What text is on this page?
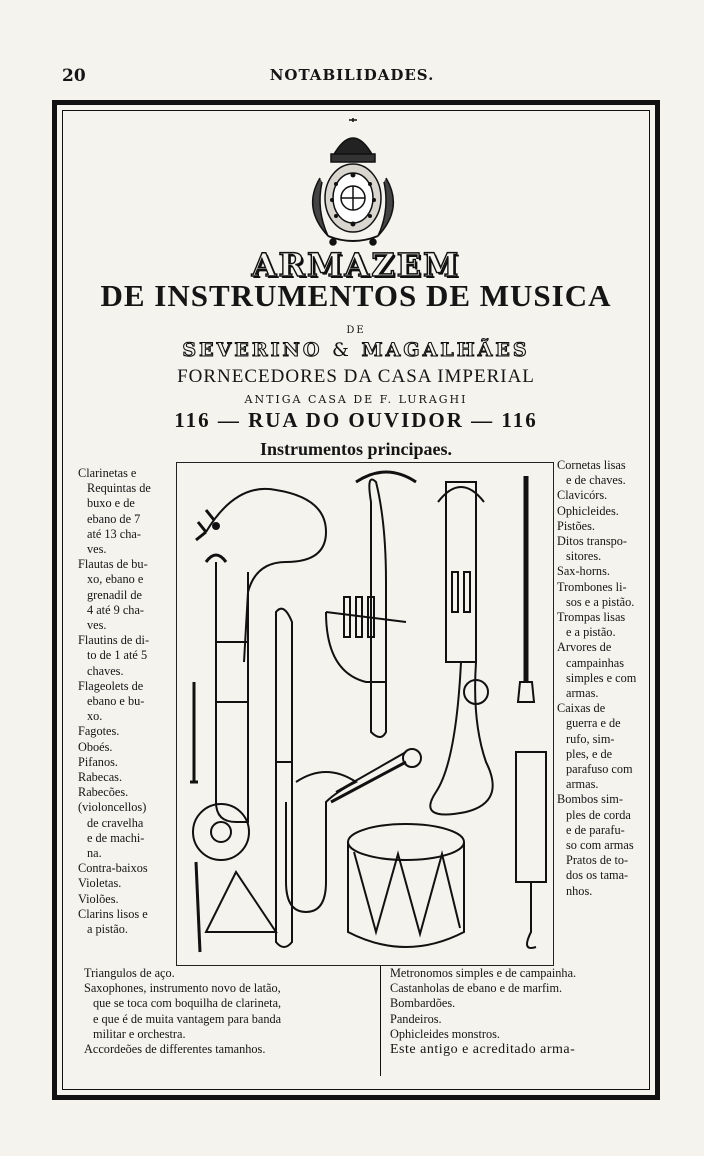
20	NOTABILIDADES.
ARMAZEM
DE INSTRUMENTOS DE MUSICA
DE
SEVERINO & MAGALHÃES
FORNECEDORES DA CASA IMPERIAL
ANTIGA CASA DE F. LURAGHI
116 — RUA DO OUVIDOR — 116
Instrumentos principaes.
Clarinetas e
Requintas de
buxo e de
ebano de 7
até 13 cha-
ves.
Flautas de bu-
xo, ebano e
grenadil de
4 até 9 cha-
ves.
Flautins de di-
to de 1 até 5
chaves.
Flageolets de
ebano e bu-
xo.
Fagotes.
Oboés.
Pifanos.
Rabecas.
Rabecões.
(violoncellos)
de cravelha
e de machi-
na.
Contra-baixos
Violetas.
Violões.
Clarins lisos e
a pistão.
Cornetas lisas
e de chaves.
Clavicórs.
Ophicleides.
Pistões.
Ditos transpo-
sitores.
Sax-horns.
Trombones li-
sos e a pistão.
Trompas lisas
e a pistão.
Arvores de
campainhas
simples e com
armas.
Caixas de
guerra e de
rufo, sim-
ples, e de
parafuso com
armas.
Bombos sim-
ples de corda
e de parafu-
so com armas
Pratos de to-
dos os tama-
nhos.
Triangulos de aço.
Saxophones, instrumento novo de latão,
que se toca com boquilha de clarineta,
e que é de muita vantagem para banda
militar e orchestra.
Accordeões de differentes tamanhos.
Metronomos simples e de campainha.
Castanholas de ebano e de marfim.
Bombardões.
Pandeiros.
Ophicleides monstros.
Este antigo e acreditado arma-
